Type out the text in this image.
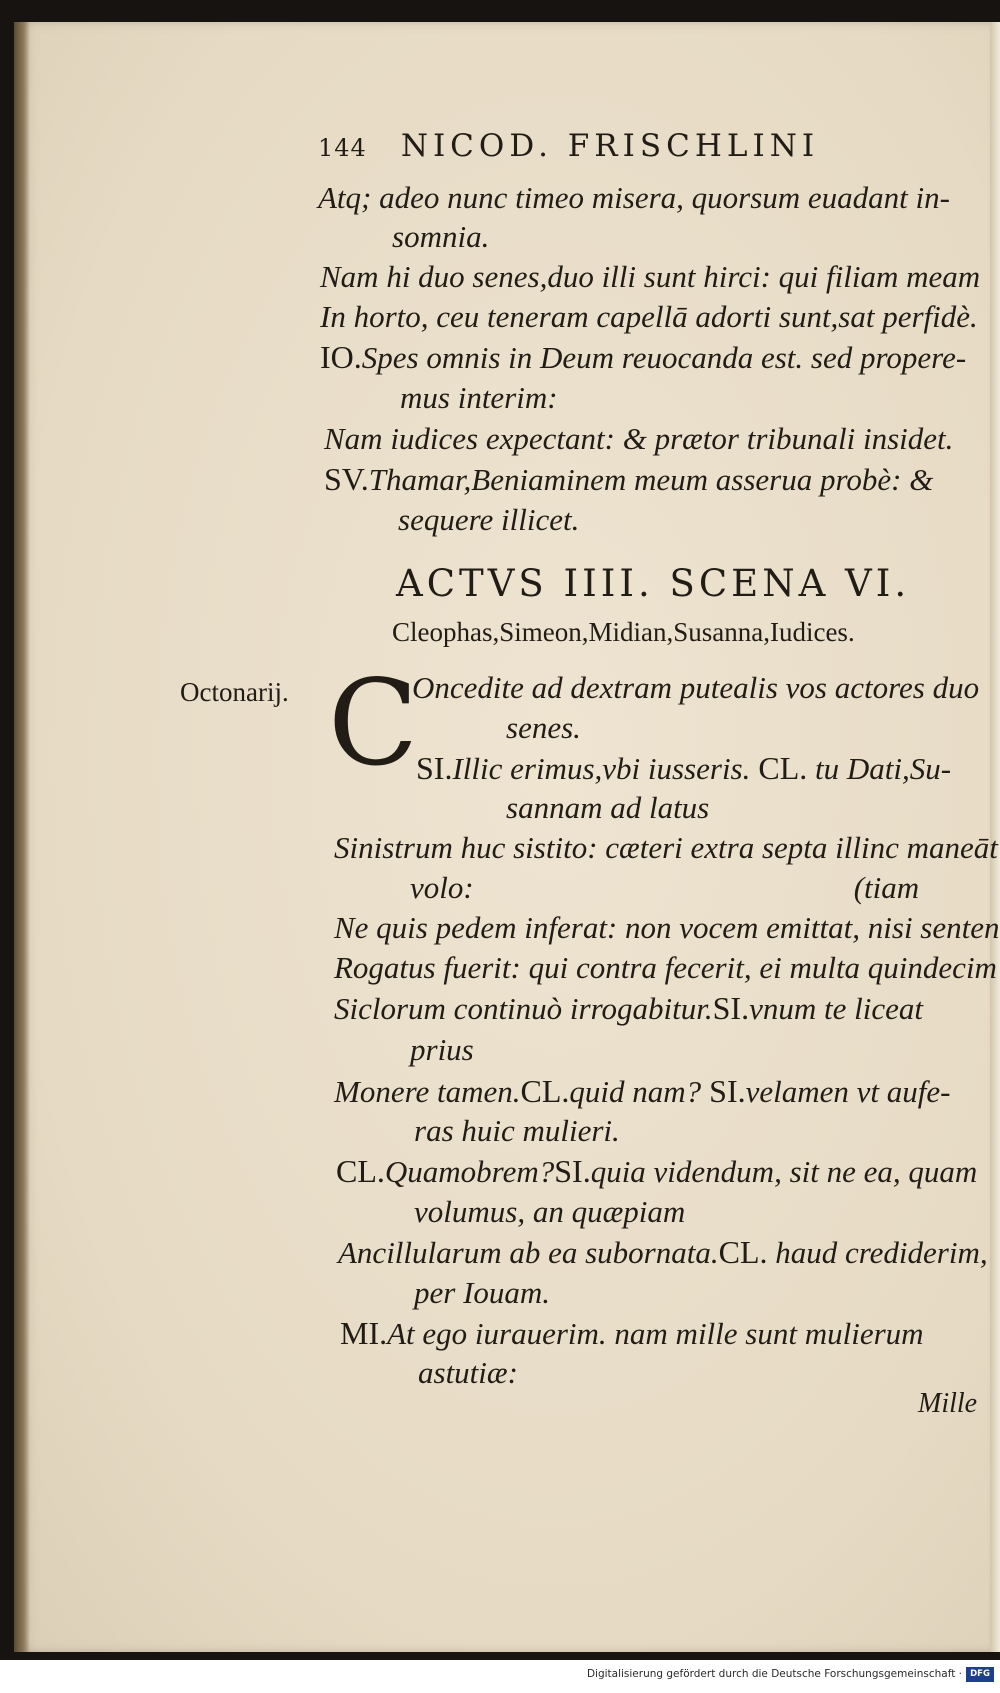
144 NICOD. FRISCHLINI
Atq; adeo nunc timeo misera, quorsum euadant in-
somnia.
Nam hi duo senes,duo illi sunt hirci: qui filiam meam
In horto, ceu teneram capellā adorti sunt,sat perfidè.
IO.Spes omnis in Deum reuocanda est. sed propere-
mus interim:
Nam iudices expectant: & prætor tribunali insidet.
SV.Thamar,Beniaminem meum asserua probè: &
sequere illicet.
ACTVS IIII. SCENA VI.
Cleophas,Simeon,Midian,Susanna,Iudices.
Octonarij. C
Oncedite ad dextram putealis vos actores duo
senes.
SI.Illic erimus,vbi iusseris. CL. tu Dati,Su-
sannam ad latus
Sinistrum huc sistito: cæteri extra septa illinc maneāt
volo:	(tiam
Ne quis pedem inferat: non vocem emittat, nisi senten
Rogatus fuerit: qui contra fecerit, ei multa quindecim
Siclorum continuò irrogabitur.SI.vnum te liceat
prius
Monere tamen.CL.quid nam? SI.velamen vt aufe-
ras huic mulieri.
CL.Quamobrem?SI.quia videndum, sit ne ea, quam
volumus, an quæpiam
Ancillularum ab ea subornata.CL. haud crediderim,
per Iouam.
MI.At ego iurauerim. nam mille sunt mulierum
astutiæ:
Mille
Digitalisierung gefördert durch die Deutsche Forschungsgemeinschaft · DFG
